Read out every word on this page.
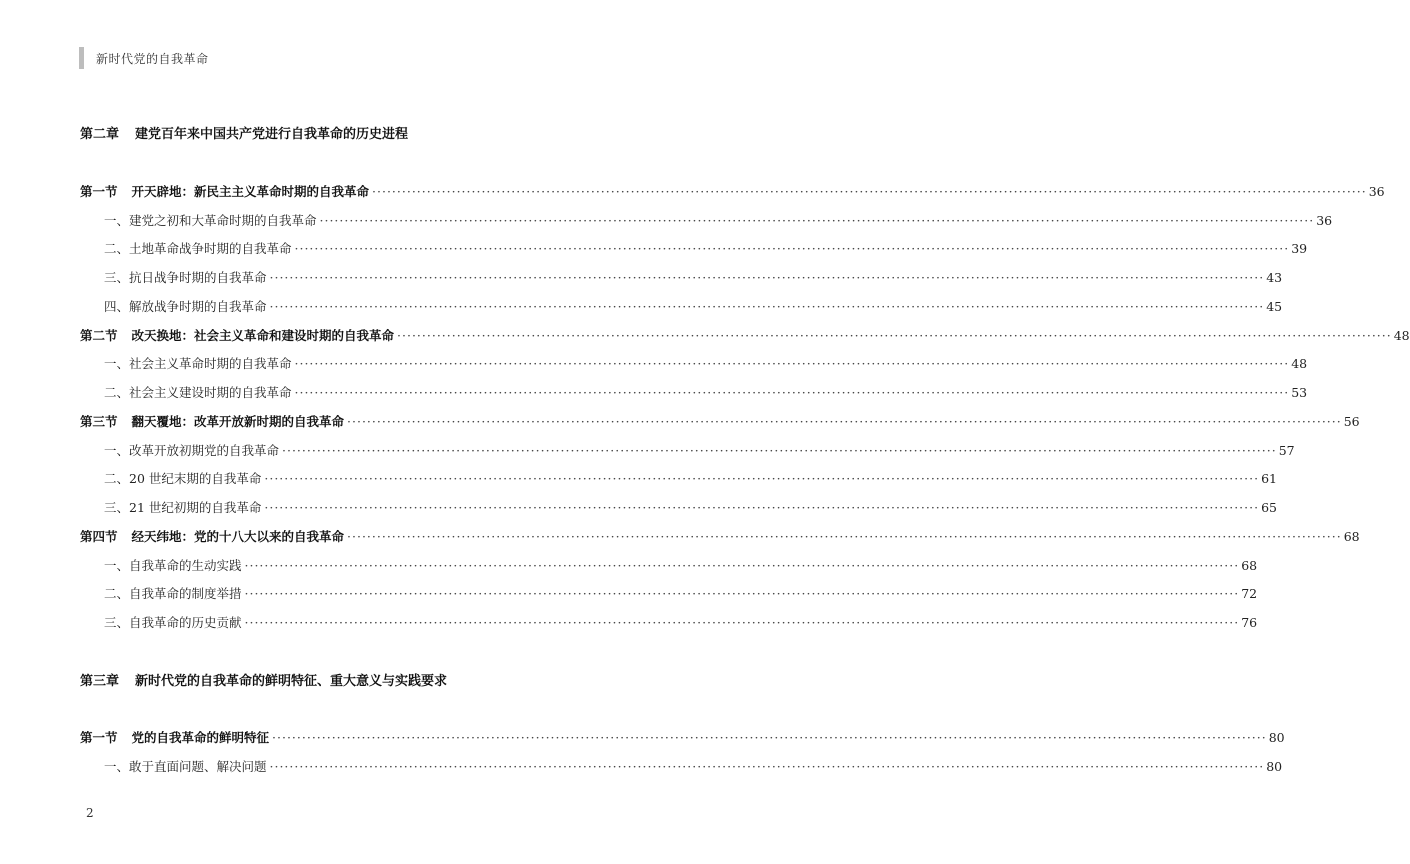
新时代党的自我革命
第二章 建党百年来中国共产党进行自我革命的历史进程
第三章 新时代党的自我革命的鲜明特征、重大意义与实践要求
第一节 开天辟地：新民主主义革命时期的自我革命 ········································································································································································································ 36
一、建党之初和大革命时期的自我革命 ········································································································································································································ 36
二、土地革命战争时期的自我革命 ········································································································································································································ 39
三、抗日战争时期的自我革命 ········································································································································································································ 43
四、解放战争时期的自我革命 ········································································································································································································ 45
第二节 改天换地：社会主义革命和建设时期的自我革命 ········································································································································································································ 48
一、社会主义革命时期的自我革命 ········································································································································································································ 48
二、社会主义建设时期的自我革命 ········································································································································································································ 53
第三节 翻天覆地：改革开放新时期的自我革命 ········································································································································································································ 56
一、改革开放初期党的自我革命 ········································································································································································································ 57
二、20 世纪末期的自我革命 ········································································································································································································ 61
三、21 世纪初期的自我革命 ········································································································································································································ 65
第四节 经天纬地：党的十八大以来的自我革命 ········································································································································································································ 68
一、自我革命的生动实践 ········································································································································································································ 68
二、自我革命的制度举措 ········································································································································································································ 72
三、自我革命的历史贡献 ········································································································································································································ 76
第一节 党的自我革命的鲜明特征 ········································································································································································································ 80
一、敢于直面问题、解决问题 ········································································································································································································ 80
2
